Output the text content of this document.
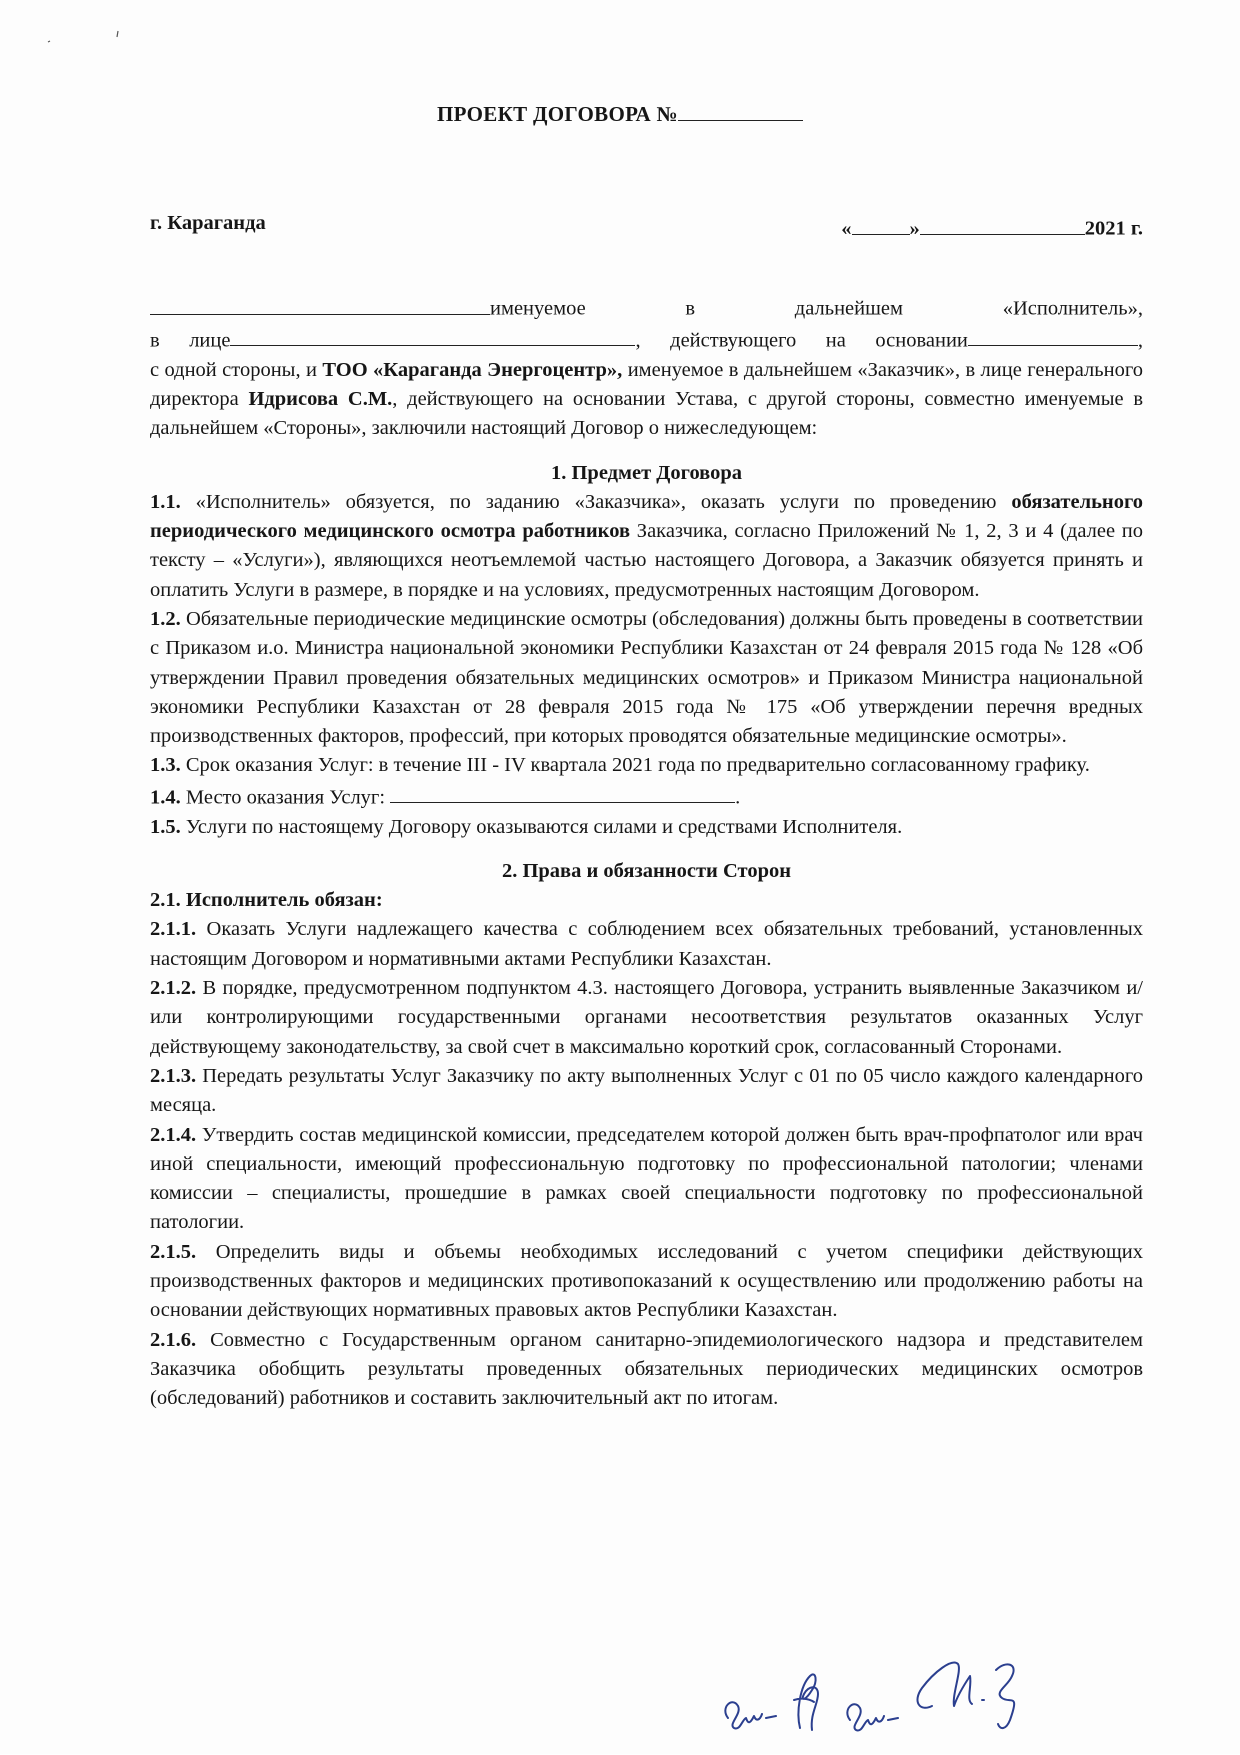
ПРОЕКТ ДОГОВОРА №
г. Караганда	«	»	2021 г.

именуемое в дальнейшем «Исполнитель»,

в лице	, действующего на основании	,

с одной стороны, и ТОО «Караганда Энергоцентр», именуемое в дальнейшем «Заказчик», в лице генерального директора Идрисова С.М., действующего на основании Устава, с другой стороны, совместно именуемые в дальнейшем «Стороны», заключили настоящий Договор о нижеследующем:

1. Предмет Договора

1.1. «Исполнитель» обязуется, по заданию «Заказчика», оказать услуги по проведению обязательного периодического медицинского осмотра работников Заказчика, согласно Приложений № 1, 2, 3 и 4 (далее по тексту – «Услуги»), являющихся неотъемлемой частью настоящего Договора, а Заказчик обязуется принять и оплатить Услуги в размере, в порядке и на условиях, предусмотренных настоящим Договором.

1.2. Обязательные периодические медицинские осмотры (обследования) должны быть проведены в соответствии с Приказом и.о. Министра национальной экономики Республики Казахстан от 24 февраля 2015 года № 128 «Об утверждении Правил проведения обязательных медицинских осмотров» и Приказом Министра национальной экономики Республики Казахстан от 28 февраля 2015 года № 175 «Об утверждении перечня вредных производственных факторов, профессий, при которых проводятся обязательные медицинские осмотры».

1.3. Срок оказания Услуг: в течение III - IV квартала 2021 года по предварительно согласованному графику.

1.4. Место оказания Услуг:	.

1.5. Услуги по настоящему Договору оказываются силами и средствами Исполнителя.

2. Права и обязанности Сторон

2.1. Исполнитель обязан:

2.1.1. Оказать Услуги надлежащего качества с соблюдением всех обязательных требований, установленных настоящим Договором и нормативными актами Республики Казахстан.

2.1.2. В порядке, предусмотренном подпунктом 4.3. настоящего Договора, устранить выявленные Заказчиком и/или контролирующими государственными органами несоответствия результатов оказанных Услуг действующему законодательству, за свой счет в максимально короткий срок, согласованный Сторонами.

2.1.3. Передать результаты Услуг Заказчику по акту выполненных Услуг с 01 по 05 число каждого календарного месяца.

2.1.4. Утвердить состав медицинской комиссии, председателем которой должен быть врач-профпатолог или врач иной специальности, имеющий профессиональную подготовку по профессиональной патологии; членами комиссии – специалисты, прошедшие в рамках своей специальности подготовку по профессиональной патологии.

2.1.5. Определить виды и объемы необходимых исследований с учетом специфики действующих производственных факторов и медицинских противопоказаний к осуществлению или продолжению работы на основании действующих нормативных правовых актов Республики Казахстан.

2.1.6. Совместно с Государственным органом санитарно-эпидемиологического надзора и представителем Заказчика обобщить результаты проведенных обязательных периодических медицинских осмотров (обследований) работников и составить заключительный акт по итогам.
